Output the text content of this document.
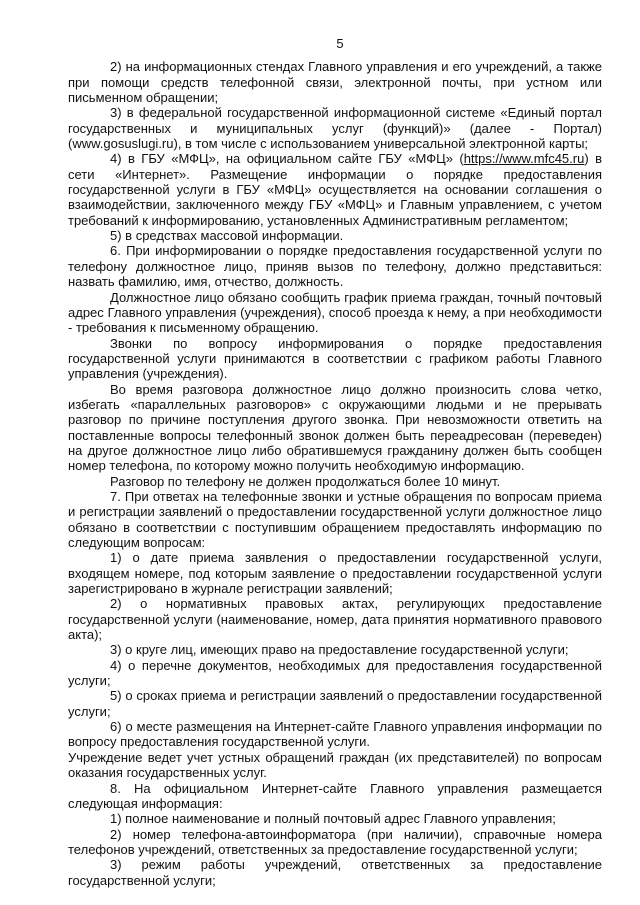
5

2) на информационных стендах Главного управления и его учреждений, а также при помощи средств телефонной связи, электронной почты, при устном или письменном обращении;

3) в федеральной государственной информационной системе «Единый портал государственных и муниципальных услуг (функций)» (далее - Портал) (www.gosuslugi.ru), в том числе с использованием универсальной электронной карты;

4) в ГБУ «МФЦ», на официальном сайте ГБУ «МФЦ» (https://www.mfc45.ru) в сети «Интернет». Размещение информации о порядке предоставления государственной услуги в ГБУ «МФЦ» осуществляется на основании соглашения о взаимодействии, заключенного между ГБУ «МФЦ» и Главным управлением, с учетом требований к информированию, установленных Административным регламентом;

5) в средствах массовой информации.

6. При информировании о порядке предоставления государственной услуги по телефону должностное лицо, приняв вызов по телефону, должно представиться: назвать фамилию, имя, отчество, должность.

Должностное лицо обязано сообщить график приема граждан, точный почтовый адрес Главного управления (учреждения), способ проезда к нему, а при необходимости - требования к письменному обращению.

Звонки по вопросу информирования о порядке предоставления государственной услуги принимаются в соответствии с графиком работы Главного управления (учреждения).

Во время разговора должностное лицо должно произносить слова четко, избегать «параллельных разговоров» с окружающими людьми и не прерывать разговор по причине поступления другого звонка. При невозможности ответить на поставленные вопросы телефонный звонок должен быть переадресован (переведен) на другое должностное лицо либо обратившемуся гражданину должен быть сообщен номер телефона, по которому можно получить необходимую информацию.

Разговор по телефону не должен продолжаться более 10 минут.

7. При ответах на телефонные звонки и устные обращения по вопросам приема и регистрации заявлений о предоставлении государственной услуги должностное лицо обязано в соответствии с поступившим обращением предоставлять информацию по следующим вопросам:

1) о дате приема заявления о предоставлении государственной услуги, входящем номере, под которым заявление о предоставлении государственной услуги зарегистрировано в журнале регистрации заявлений;

2) о нормативных правовых актах, регулирующих предоставление государственной услуги (наименование, номер, дата принятия нормативного правового акта);

3) о круге лиц, имеющих право на предоставление государственной услуги;

4) о перечне документов, необходимых для предоставления государственной услуги;

5) о сроках приема и регистрации заявлений о предоставлении государственной услуги;

6) о месте размещения на Интернет-сайте Главного управления информации по вопросу предоставления государственной услуги.

Учреждение ведет учет устных обращений граждан (их представителей) по вопросам оказания государственных услуг.

8. На официальном Интернет-сайте Главного управления размещается следующая информация:

1) полное наименование и полный почтовый адрес Главного управления;

2) номер телефона-автоинформатора (при наличии), справочные номера телефонов учреждений, ответственных за предоставление государственной услуги;

3) режим работы учреждений, ответственных за предоставление государственной услуги;
